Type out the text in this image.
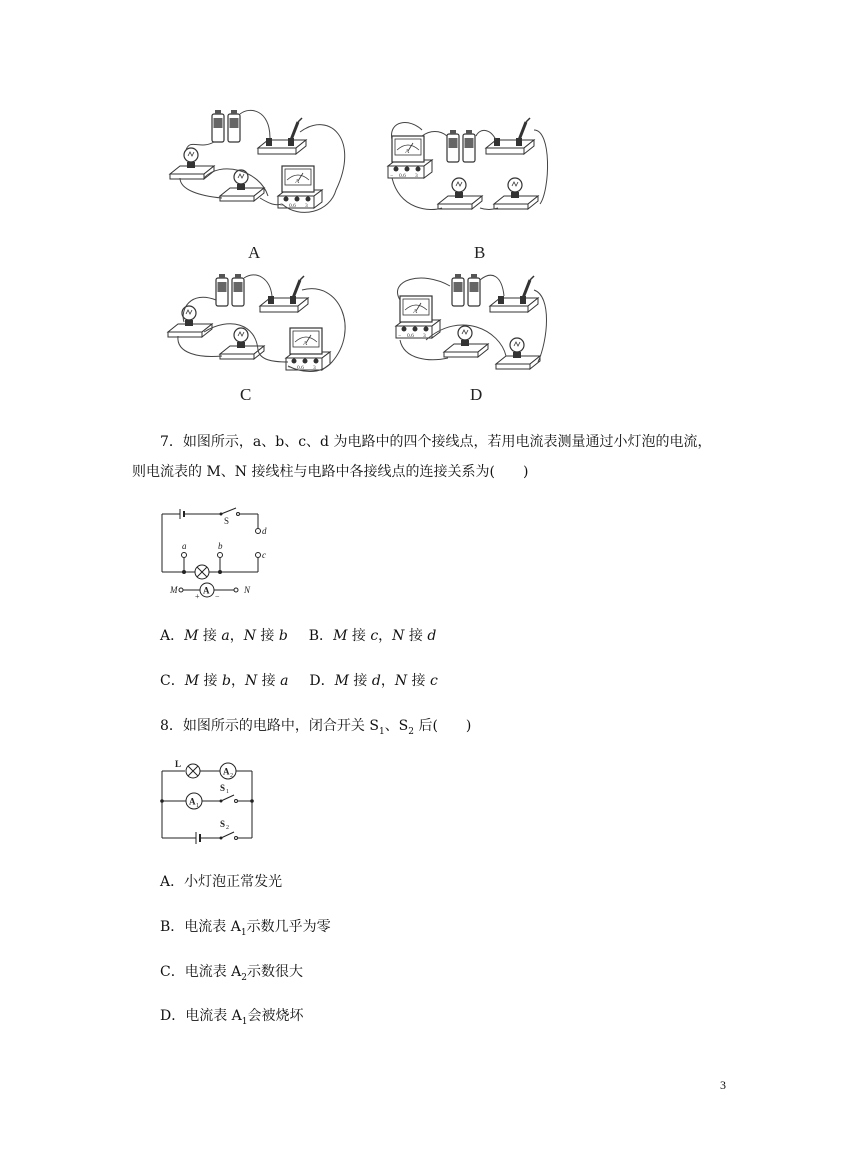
A
−	0.6	3
A	B
C	D
7．如图所示，a、b、c、d 为电路中的四个接线点，若用电流表测量通过小灯泡的电流，
则电流表的 M、N 接线柱与电路中各接线点的连接关系为(　　)
S
d
c
a	b
M	A
+ −
N
A．M 接 a，N 接 b B．M 接 c，N 接 d
C．M 接 b，N 接 a D．M 接 d，N 接 c
8．如图所示的电路中，闭合开关 $S_1$、$S_2$ 后(　　)
L
A 2
A 1
S 1
S 2
A．小灯泡正常发光
B．电流表 $A_1$示数几乎为零
C．电流表 $A_2$示数很大
D．电流表 $A_1$会被烧坏
3
